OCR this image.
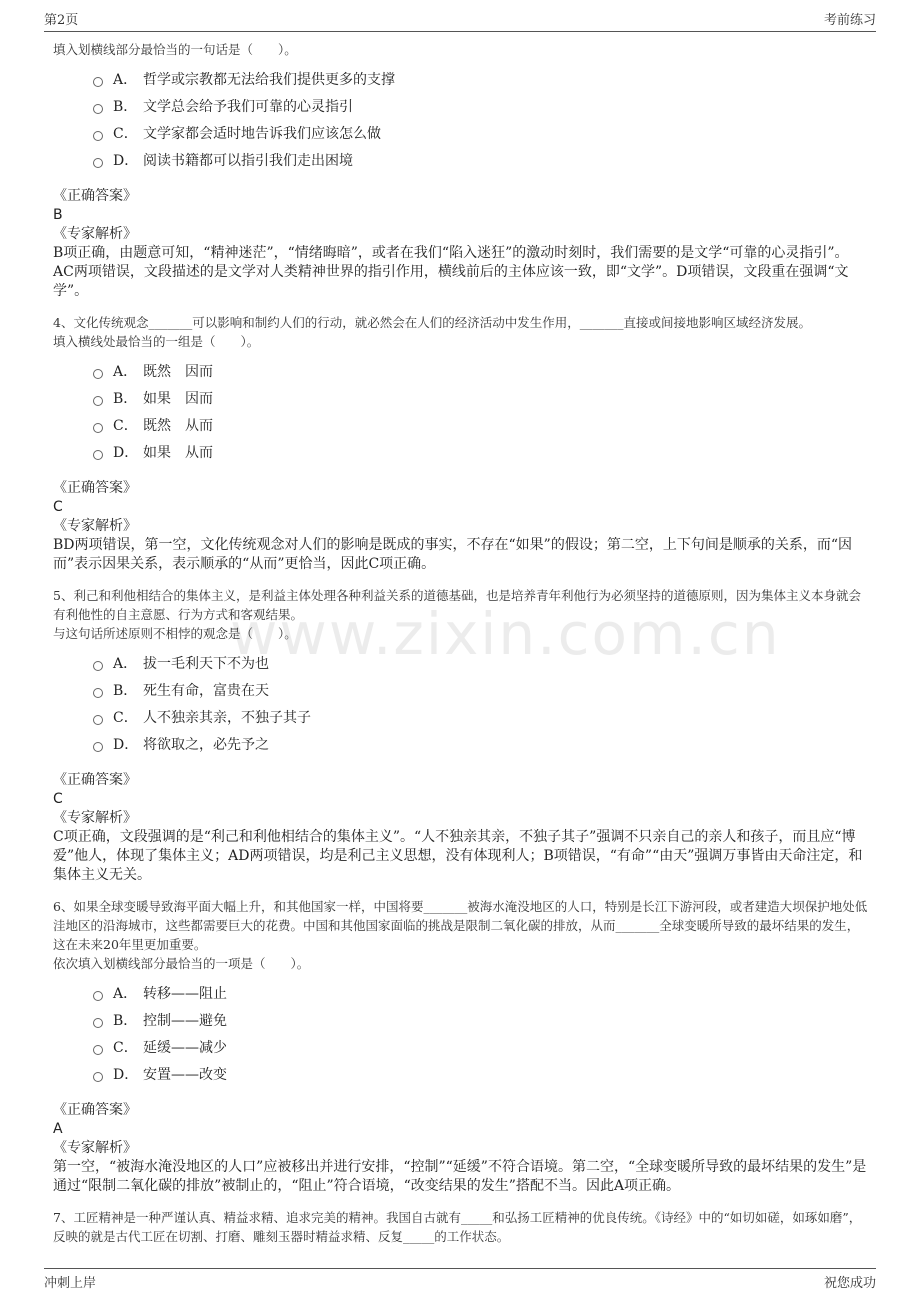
第2页	考前练习
www.zixin.com.cn

填入划横线部分最恰当的一句话是（　　）。

A． 哲学或宗教都无法给我们提供更多的支撑
B． 文学总会给予我们可靠的心灵指引
C． 文学家都会适时地告诉我们应该怎么做
D． 阅读书籍都可以指引我们走出困境
《正确答案》
B
《专家解析》

B项正确，由题意可知，“精神迷茫”，“情绪晦暗”，或者在我们“陷入迷狂”的激动时刻时，我们需要的是文学“可靠的心灵指引”。AC两项错误，文段描述的是文学对人类精神世界的指引作用，横线前后的主体应该一致，即“文学”。D项错误，文段重在强调“文学”。

4、文化传统观念_______可以影响和制约人们的行动，就必然会在人们的经济活动中发生作用，_______直接或间接地影响区域经济发展。

填入横线处最恰当的一组是（　　）。

A． 既然　因而
B． 如果　因而
C． 既然　从而
D． 如果　从而
《正确答案》
C
《专家解析》

BD两项错误，第一空，文化传统观念对人们的影响是既成的事实，不存在“如果”的假设；第二空，上下句间是顺承的关系，而“因而”表示因果关系，表示顺承的“从而”更恰当，因此C项正确。

5、利己和利他相结合的集体主义，是利益主体处理各种利益关系的道德基础，也是培养青年利他行为必须坚持的道德原则，因为集体主义本身就会有利他性的自主意愿、行为方式和客观结果。

与这句话所述原则不相悖的观念是（　　）。

A． 拔一毛利天下不为也
B． 死生有命，富贵在天
C． 人不独亲其亲，不独子其子
D． 将欲取之，必先予之
《正确答案》
C
《专家解析》

C项正确，文段强调的是“利己和利他相结合的集体主义”。“人不独亲其亲，不独子其子”强调不只亲自己的亲人和孩子，而且应“博爱”他人，体现了集体主义；AD两项错误，均是利己主义思想，没有体现利人；B项错误，“有命”“由天”强调万事皆由天命注定，和集体主义无关。

6、如果全球变暖导致海平面大幅上升，和其他国家一样，中国将要_______被海水淹没地区的人口，特别是长江下游河段，或者建造大坝保护地处低洼地区的沿海城市，这些都需要巨大的花费。中国和其他国家面临的挑战是限制二氧化碳的排放，从而_______全球变暖所导致的最坏结果的发生，这在未来20年里更加重要。

依次填入划横线部分最恰当的一项是（　　）。

A． 转移——阻止
B． 控制——避免
C． 延缓——减少
D． 安置——改变
《正确答案》
A
《专家解析》

第一空，“被海水淹没地区的人口”应被移出并进行安排，“控制”“延缓”不符合语境。第二空，“全球变暖所导致的最坏结果的发生”是通过“限制二氧化碳的排放”被制止的，“阻止”符合语境，“改变结果的发生”搭配不当。因此A项正确。

7、工匠精神是一种严谨认真、精益求精、追求完美的精神。我国自古就有_____和弘扬工匠精神的优良传统。《诗经》中的“如切如磋，如琢如磨”，反映的就是古代工匠在切割、打磨、雕刻玉器时精益求精、反复_____的工作状态。

冲刺上岸	祝您成功
